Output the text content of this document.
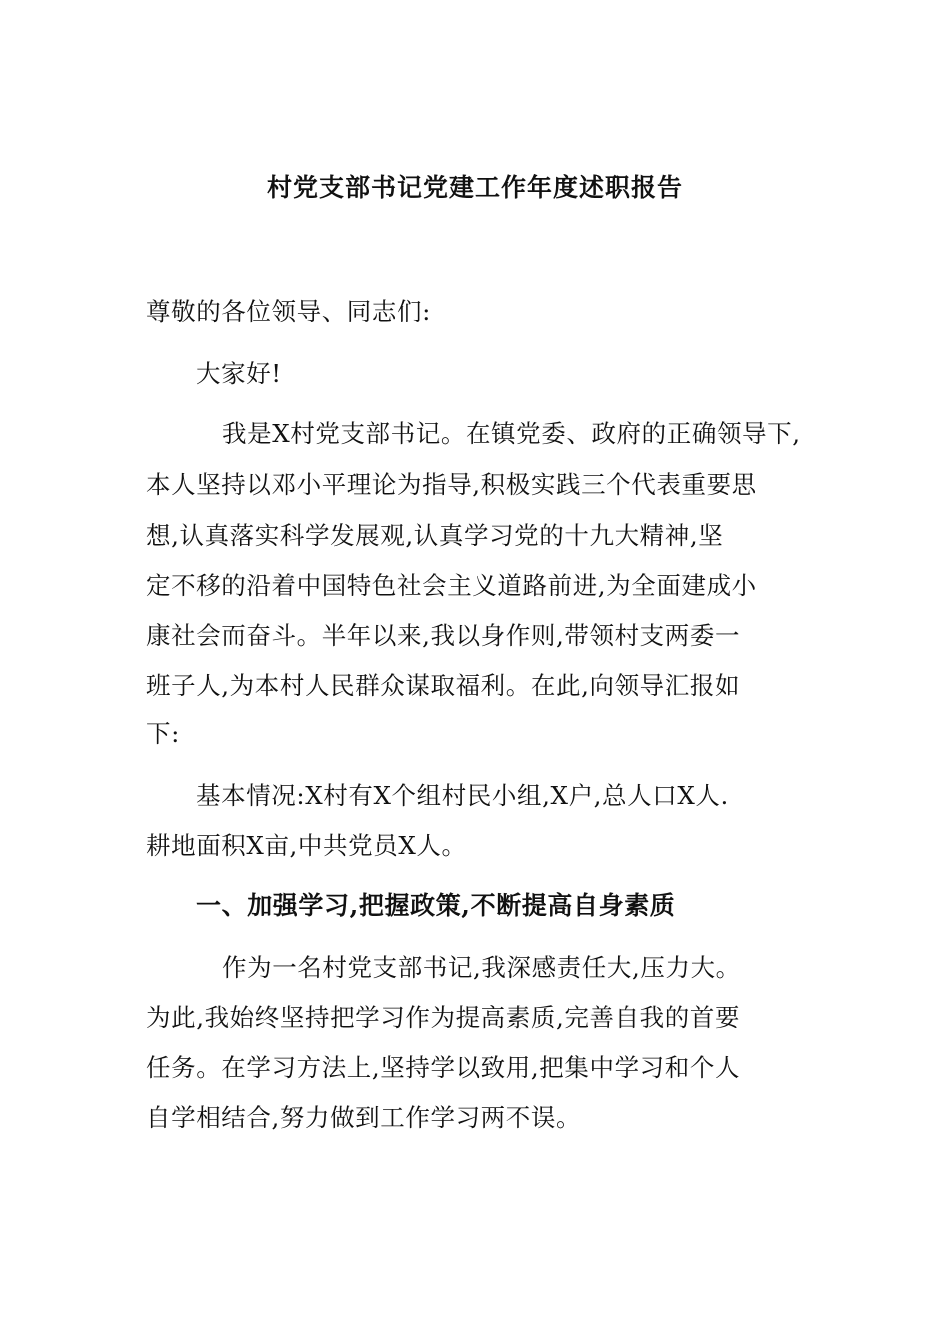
村党支部书记党建工作年度述职报告
尊敬的各位领导、同志们:
大家好!
我是X村党支部书记。在镇党委、政府的正确领导下,
本人坚持以邓小平理论为指导,积极实践三个代表重要思
想,认真落实科学发展观,认真学习党的十九大精神,坚
定不移的沿着中国特色社会主义道路前进,为全面建成小
康社会而奋斗。半年以来,我以身作则,带领村支两委一
班子人,为本村人民群众谋取福利。在此,向领导汇报如
下:
基本情况:X村有X个组村民小组,X户,总人口X人.
耕地面积X亩,中共党员X人。
一、加强学习,把握政策,不断提高自身素质
作为一名村党支部书记,我深感责任大,压力大。
为此,我始终坚持把学习作为提高素质,完善自我的首要
任务。在学习方法上,坚持学以致用,把集中学习和个人
自学相结合,努力做到工作学习两不误。
